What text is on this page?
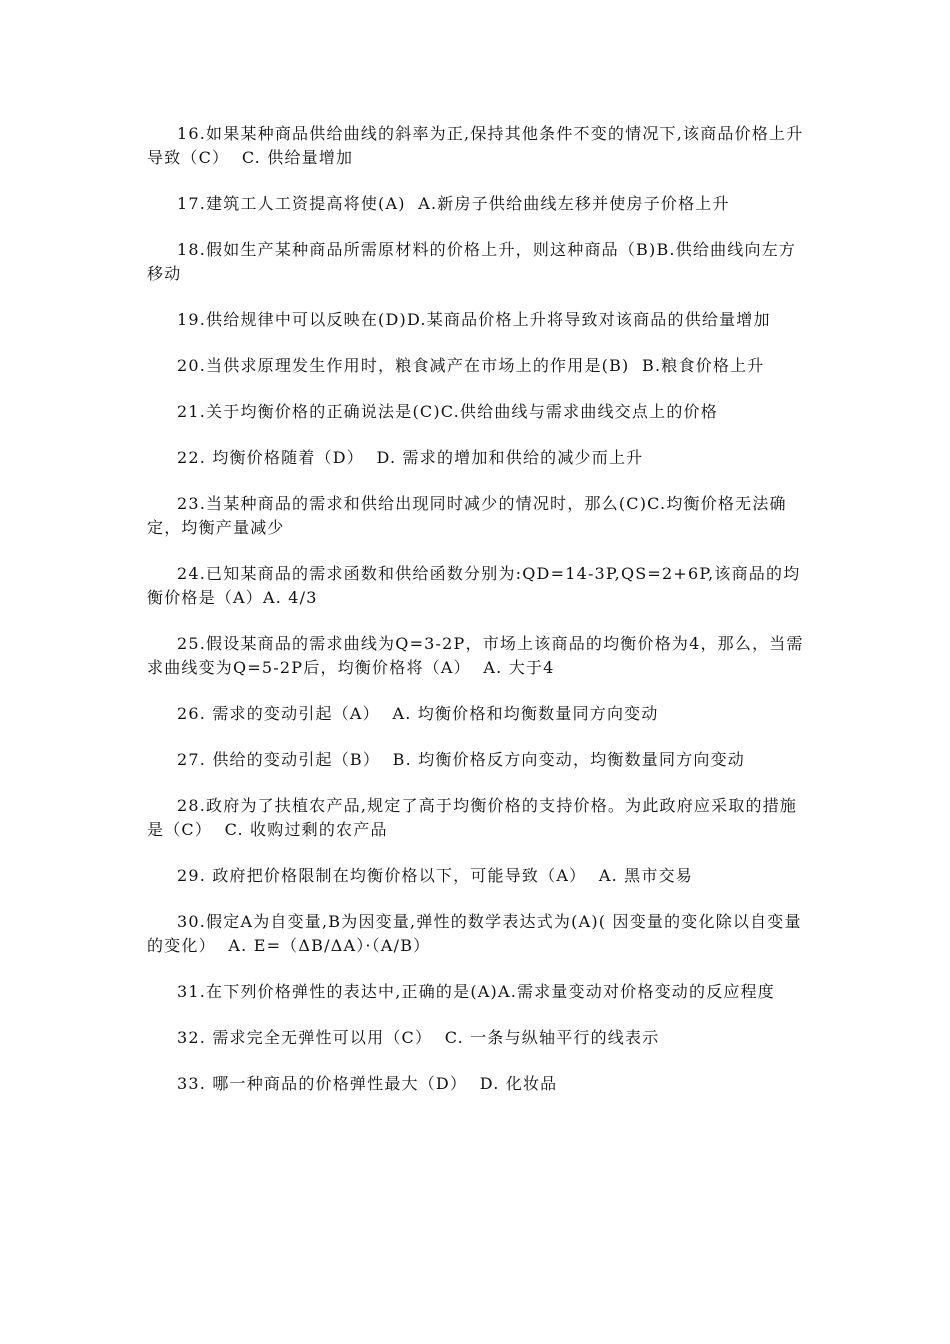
16.如果某种商品供给曲线的斜率为正,保持其他条件不变的情况下,该商品价格上升导致（C）  C. 供给量增加

17.建筑工人工资提高将使(A)  A.新房子供给曲线左移并使房子价格上升

18.假如生产某种商品所需原材料的价格上升，则这种商品（B)B.供给曲线向左方移动

19.供给规律中可以反映在(D)D.某商品价格上升将导致对该商品的供给量增加

20.当供求原理发生作用时，粮食减产在市场上的作用是(B)  B.粮食价格上升

21.关于均衡价格的正确说法是(C)C.供给曲线与需求曲线交点上的价格

22. 均衡价格随着（D）  D. 需求的增加和供给的减少而上升

23.当某种商品的需求和供给出现同时减少的情况时，那么(C)C.均衡价格无法确定，均衡产量减少

24.已知某商品的需求函数和供给函数分别为:QD=14-3P,QS=2+6P,该商品的均衡价格是（A）A. 4/3

25.假设某商品的需求曲线为Q=3-2P，市场上该商品的均衡价格为4，那么，当需求曲线变为Q=5-2P后，均衡价格将（A）  A. 大于4

26. 需求的变动引起（A）  A. 均衡价格和均衡数量同方向变动

27. 供给的变动引起（B）  B. 均衡价格反方向变动，均衡数量同方向变动

28.政府为了扶植农产品,规定了高于均衡价格的支持价格。为此政府应采取的措施是（C）  C. 收购过剩的农产品

29. 政府把价格限制在均衡价格以下，可能导致（A）  A. 黑市交易

30.假定A为自变量,B为因变量,弹性的数学表达式为(A)( 因变量的变化除以自变量的变化）  A. E=（ΔB/ΔA）·（A/B）

31.在下列价格弹性的表达中,正确的是(A)A.需求量变动对价格变动的反应程度

32. 需求完全无弹性可以用（C）  C. 一条与纵轴平行的线表示

33. 哪一种商品的价格弹性最大（D）  D. 化妆品
